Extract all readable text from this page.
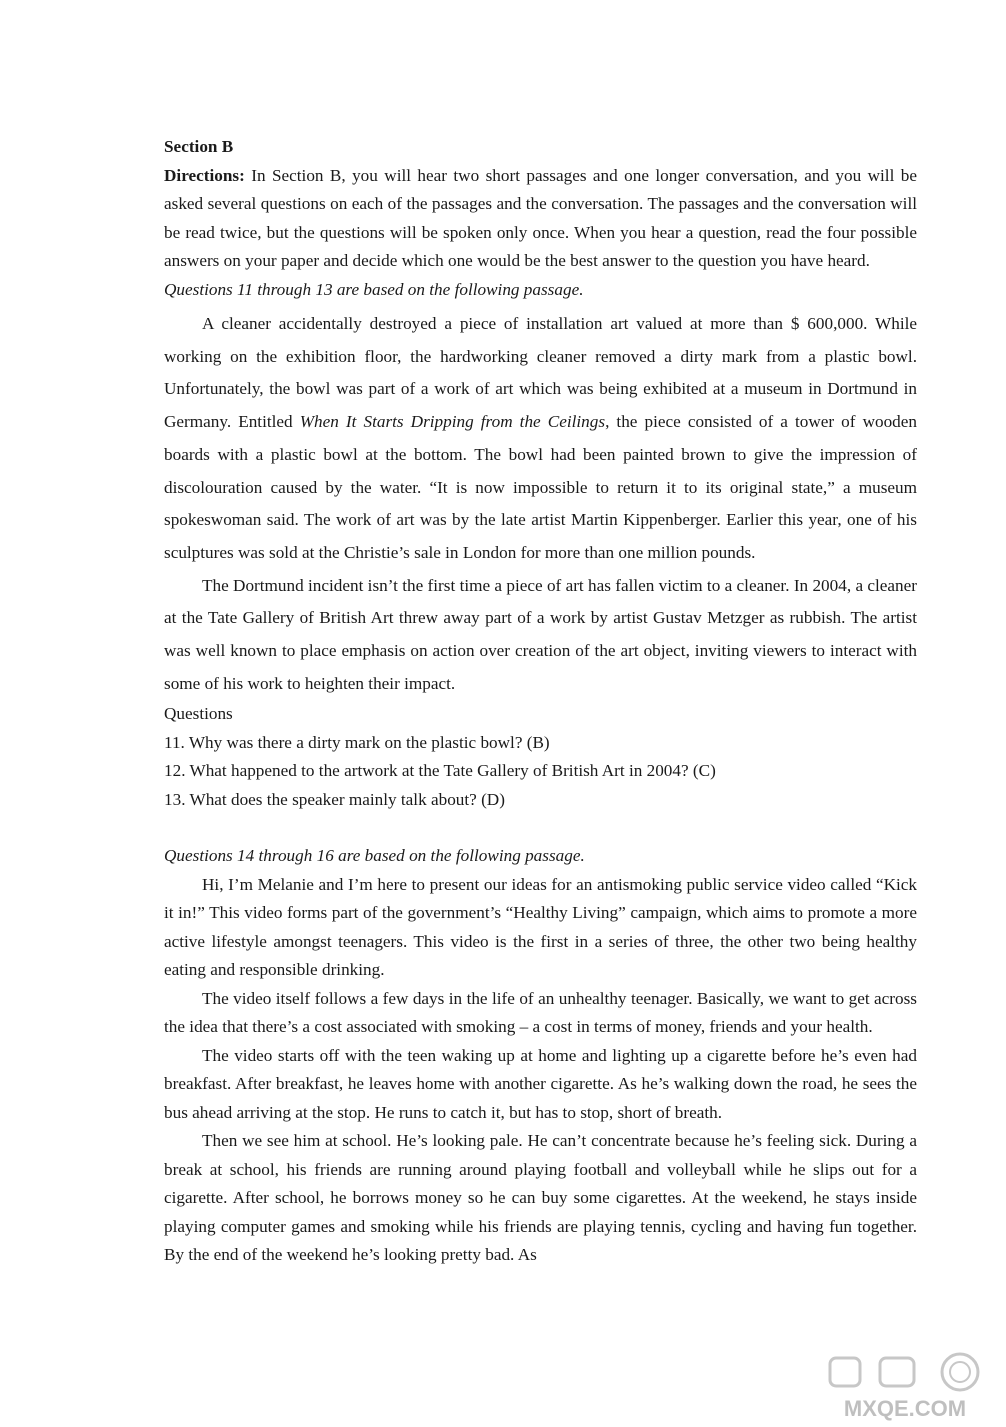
Section B

Directions: In Section B, you will hear two short passages and one longer conversation, and you will be asked several questions on each of the passages and the conversation. The passages and the conversation will be read twice, but the questions will be spoken only once. When you hear a question, read the four possible answers on your paper and decide which one would be the best answer to the question you have heard.

Questions 11 through 13 are based on the following passage.

A cleaner accidentally destroyed a piece of installation art valued at more than $ 600,000. While working on the exhibition floor, the hardworking cleaner removed a dirty mark from a plastic bowl. Unfortunately, the bowl was part of a work of art which was being exhibited at a museum in Dortmund in Germany. Entitled When It Starts Dripping from the Ceilings, the piece consisted of a tower of wooden boards with a plastic bowl at the bottom. The bowl had been painted brown to give the impression of discolouration caused by the water. “It is now impossible to return it to its original state,” a museum spokeswoman said. The work of art was by the late artist Martin Kippenberger. Earlier this year, one of his sculptures was sold at the Christie’s sale in London for more than one million pounds.

The Dortmund incident isn’t the first time a piece of art has fallen victim to a cleaner. In 2004, a cleaner at the Tate Gallery of British Art threw away part of a work by artist Gustav Metzger as rubbish. The artist was well known to place emphasis on action over creation of the art object, inviting viewers to interact with some of his work to heighten their impact.

Questions

11. Why was there a dirty mark on the plastic bowl? (B)

12. What happened to the artwork at the Tate Gallery of British Art in 2004? (C)

13. What does the speaker mainly talk about? (D)

Questions 14 through 16 are based on the following passage.

Hi, I’m Melanie and I’m here to present our ideas for an antismoking public service video called “Kick it in!” This video forms part of the government’s “Healthy Living” campaign, which aims to promote a more active lifestyle amongst teenagers. This video is the first in a series of three, the other two being healthy eating and responsible drinking.

The video itself follows a few days in the life of an unhealthy teenager. Basically, we want to get across the idea that there’s a cost associated with smoking – a cost in terms of money, friends and your health.

The video starts off with the teen waking up at home and lighting up a cigarette before he’s even had breakfast. After breakfast, he leaves home with another cigarette. As he’s walking down the road, he sees the bus ahead arriving at the stop. He runs to catch it, but has to stop, short of breath.

Then we see him at school. He’s looking pale. He can’t concentrate because he’s feeling sick. During a break at school, his friends are running around playing football and volleyball while he slips out for a cigarette. After school, he borrows money so he can buy some cigarettes. At the weekend, he stays inside playing computer games and smoking while his friends are playing tennis, cycling and having fun together. By the end of the weekend he’s looking pretty bad. As

MXQE.COM
